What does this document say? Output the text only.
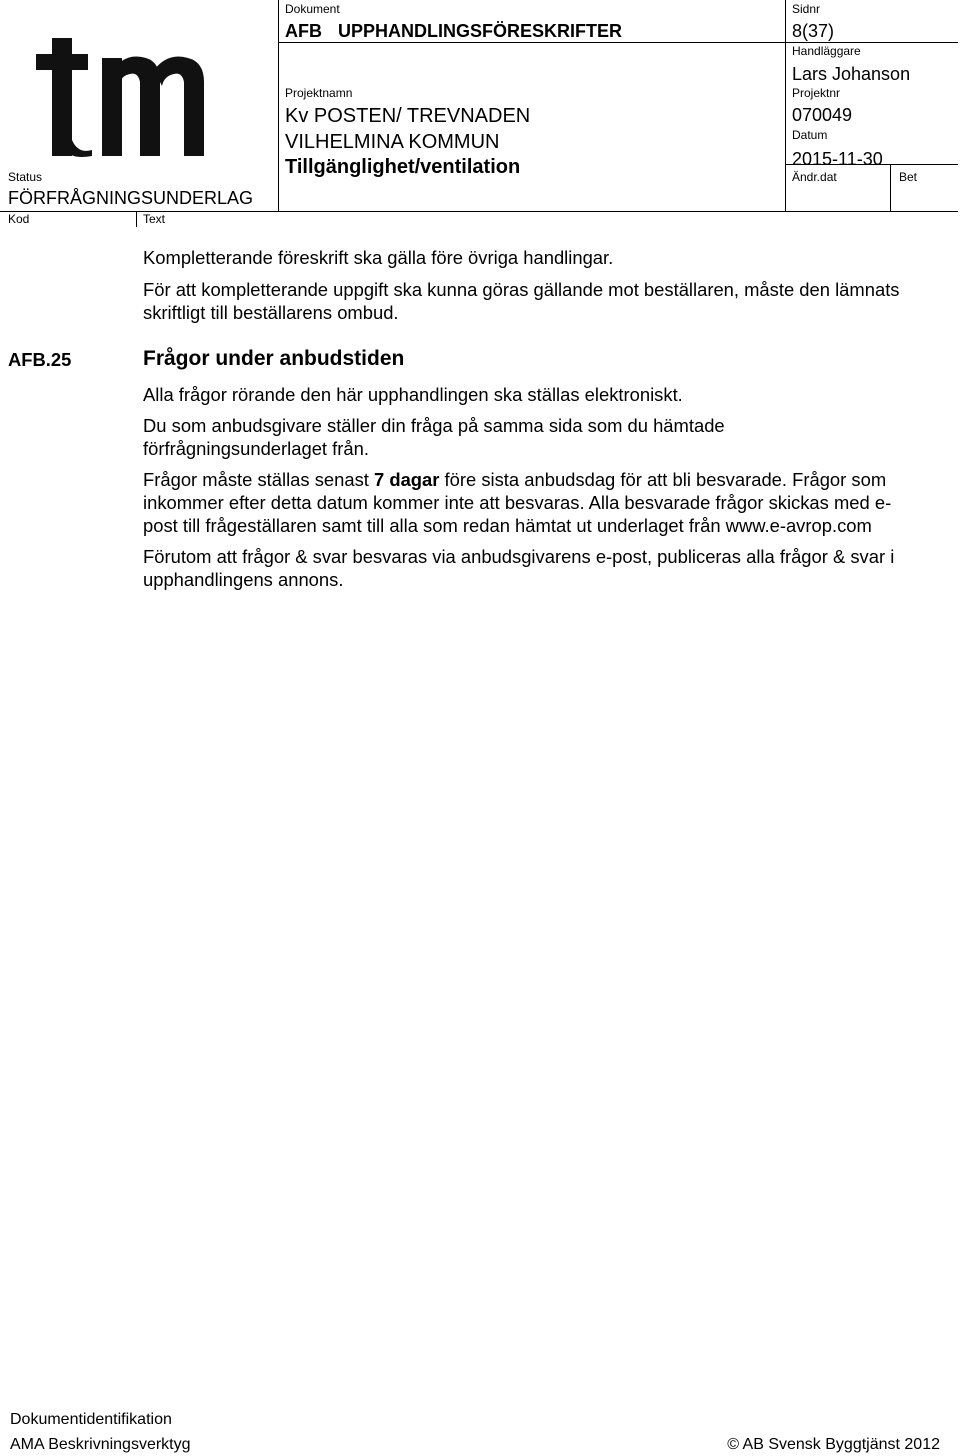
Dokument
AFB UPPHANDLINGSFÖRESKRIFTER
Projektnamn
Kv POSTEN/ TREVNADEN
VILHELMINA KOMMUN
Tillgänglighet/ventilation
Status
FÖRFRÅGNINGSUNDERLAG
Kod	Text
Sidnr
8(37)
Handläggare
Lars Johanson
Projektnr
070049
Datum
2015-11-30
Ändr.dat	Bet

Kompletterande föreskrift ska gälla före övriga handlingar.

För att kompletterande uppgift ska kunna göras gällande mot beställaren, måste den lämnats skriftligt till beställarens ombud.

AFB.25	Frågor under anbudstiden

Alla frågor rörande den här upphandlingen ska ställas elektroniskt.

Du som anbudsgivare ställer din fråga på samma sida som du hämtade förfrågningsunderlaget från.

Frågor måste ställas senast 7 dagar före sista anbudsdag för att bli besvarade. Frågor som inkommer efter detta datum kommer inte att besvaras. Alla besvarade frågor skickas med e-post till frågeställaren samt till alla som redan hämtat ut underlaget från www.e-avrop.com

Förutom att frågor & svar besvaras via anbudsgivarens e-post, publiceras alla frågor & svar i upphandlingens annons.

Dokumentidentifikation
AMA Beskrivningsverktyg	© AB Svensk Byggtjänst 2012
